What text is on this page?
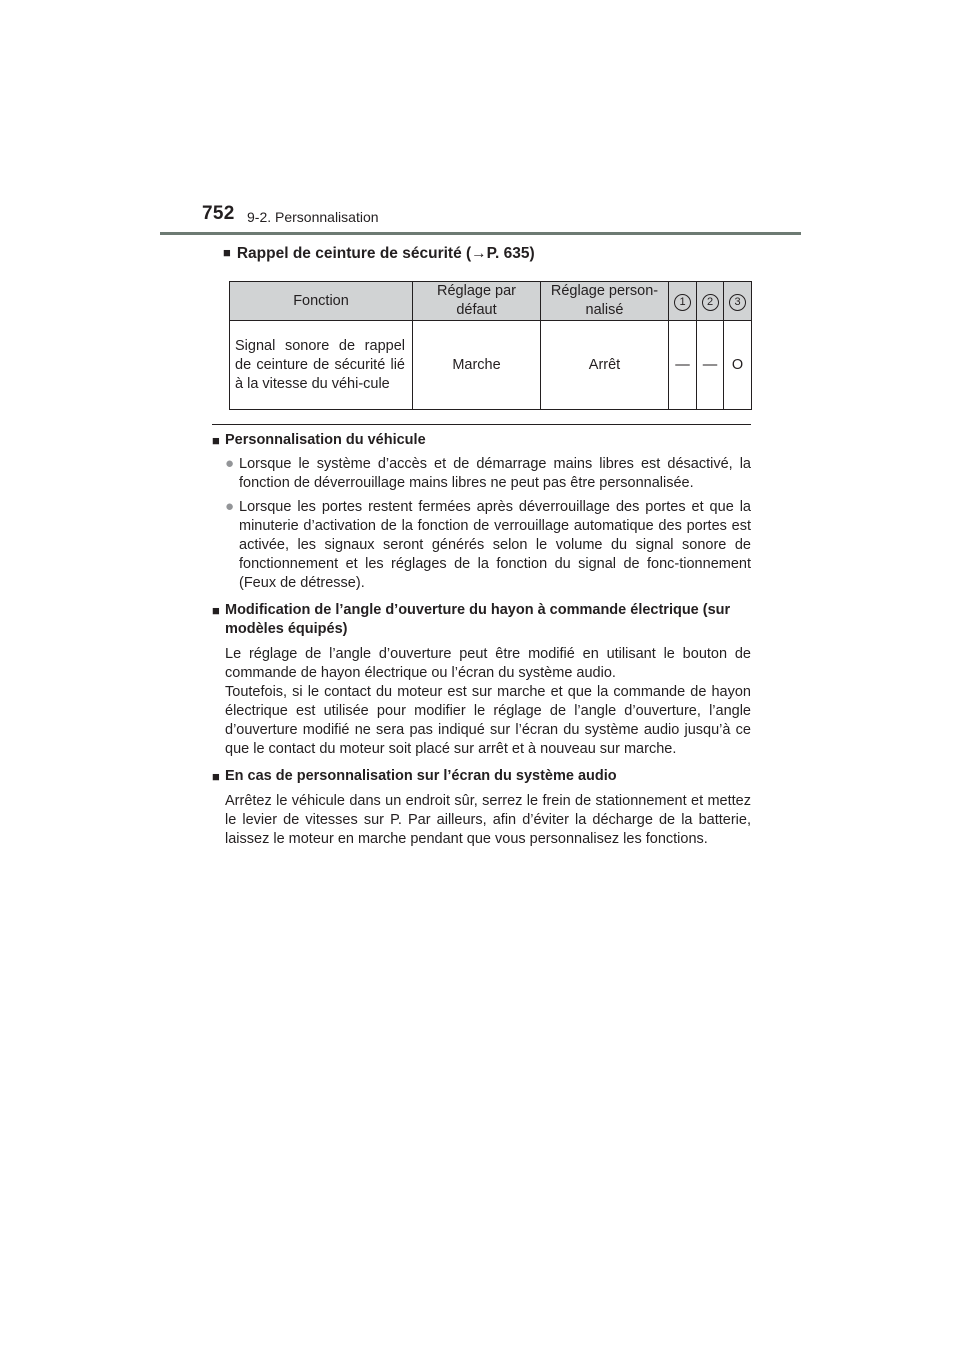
752 9-2. Personnalisation
■ Rappel de ceinture de sécurité (→P. 635)
Fonction	Réglage par défaut	Réglage person-nalisé	1	2	3
Signal sonore de rappel de ceinture de sécurité lié à la vitesse du véhi-cule	Marche	Arrêt	—	—	O

■ Personnalisation du véhicule

● Lorsque le système d’accès et de démarrage mains libres est désactivé, la fonction de déverrouillage mains libres ne peut pas être personnalisée.

● Lorsque les portes restent fermées après déverrouillage des portes et que la minuterie d’activation de la fonction de verrouillage automatique des portes est activée, les signaux seront générés selon le volume du signal sonore de fonctionnement et les réglages de la fonction du signal de fonc-tionnement (Feux de détresse).

■ Modification de l’angle d’ouverture du hayon à commande électrique (sur modèles équipés)

Le réglage de l’angle d’ouverture peut être modifié en utilisant le bouton de commande de hayon électrique ou l’écran du système audio.

Toutefois, si le contact du moteur est sur marche et que la commande de hayon électrique est utilisée pour modifier le réglage de l’angle d’ouverture, l’angle d’ouverture modifié ne sera pas indiqué sur l’écran du système audio jusqu’à ce que le contact du moteur soit placé sur arrêt et à nouveau sur marche.

■ En cas de personnalisation sur l’écran du système audio

Arrêtez le véhicule dans un endroit sûr, serrez le frein de stationnement et mettez le levier de vitesses sur P. Par ailleurs, afin d’éviter la décharge de la batterie, laissez le moteur en marche pendant que vous personnalisez les fonctions.
